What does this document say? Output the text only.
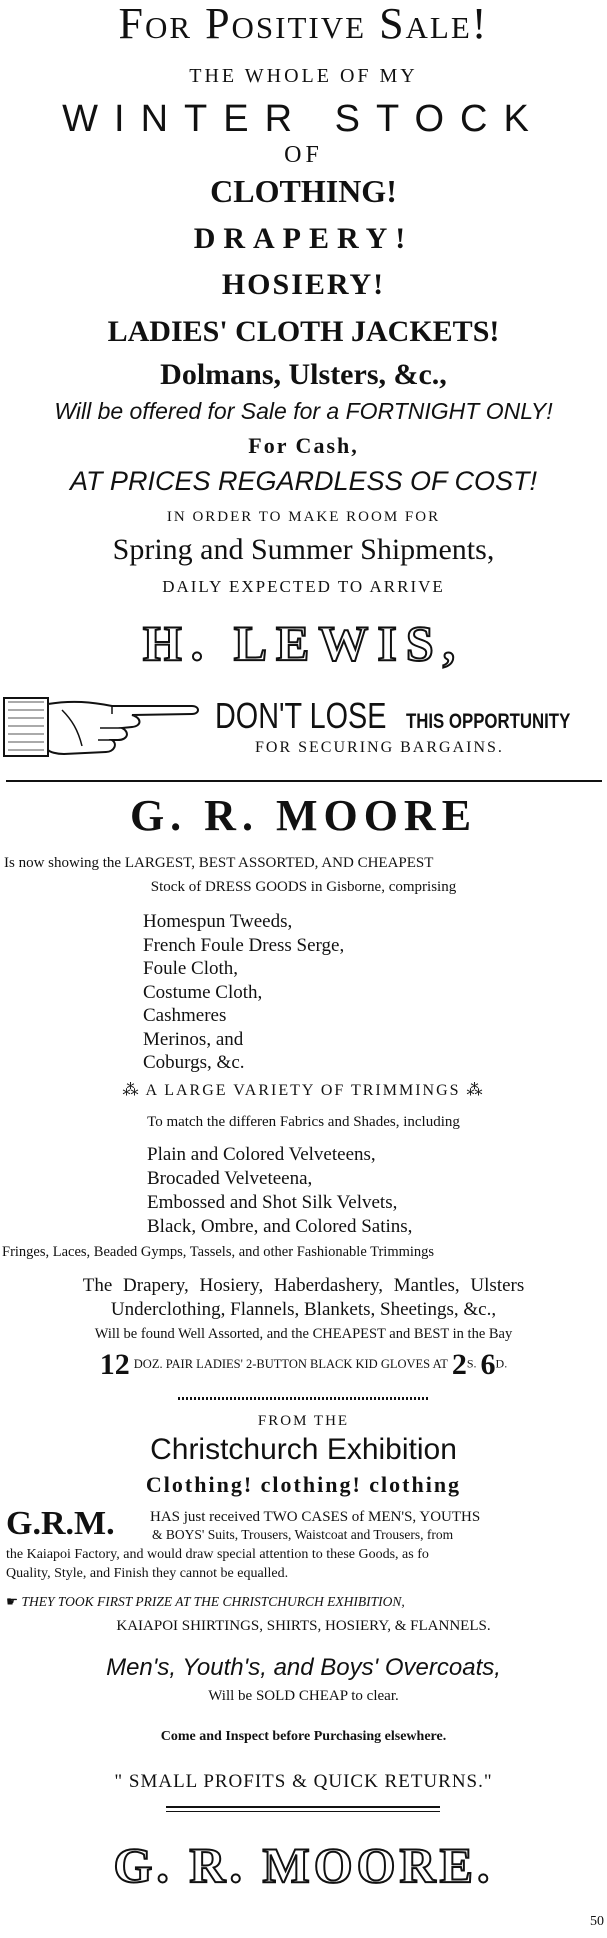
For Positive Sale!
THE WHOLE OF MY
WINTER STOCK
OF
CLOTHING!
DRAPERY!
HOSIERY!
LADIES' CLOTH JACKETS!
Dolmans, Ulsters, &c.,
Will be offered for Sale for a FORTNIGHT ONLY!
For Cash,
AT PRICES REGARDLESS OF COST!
IN ORDER TO MAKE ROOM FOR
Spring and Summer Shipments,
DAILY EXPECTED TO ARRIVE
H. LEWIS,
DON'T LOSE THIS OPPORTUNITY
FOR SECURING BARGAINS.
G. R. MOORE
Is now showing the LARGEST, BEST ASSORTED, AND CHEAPEST
Stock of DRESS GOODS in Gisborne, comprising
Homespun Tweeds,
French Foule Dress Serge,
Foule Cloth,
Costume Cloth,
Cashmeres
Merinos, and
Coburgs, &c.
⁂ A LARGE VARIETY OF TRIMMINGS ⁂
To match the differen Fabrics and Shades, including
Plain and Colored Velveteens,
Brocaded Velveteena,
Embossed and Shot Silk Velvets,
Black, Ombre, and Colored Satins,
Fringes, Laces, Beaded Gymps, Tassels, and other Fashionable Trimmings
The Drapery, Hosiery, Haberdashery, Mantles, Ulsters
Underclothing, Flannels, Blankets, Sheetings, &c.,
Will be found Well Assorted, and the CHEAPEST and BEST in the Bay
12 $^{DOZ. PAIR LADIES' 2-BUTTON BLACK KID GLOVES AT}$ $2^{S.}$ $6^{D.}$
FROM THE
Christchurch Exhibition
Clothing! clothing! clothing
G.R.M.	HAS just received TWO CASES of MEN'S, YOUTHS
& BOYS' Suits, Trousers, Waistcoat and Trousers, from
the Kaiapoi Factory, and would draw special attention to these Goods, as fo
Quality, Style, and Finish they cannot be equalled.
☛ THEY TOOK FIRST PRIZE AT THE CHRISTCHURCH EXHIBITION,
KAIAPOI SHIRTINGS, SHIRTS, HOSIERY, & FLANNELS.
Men's, Youth's, and Boys' Overcoats,
Will be SOLD CHEAP to clear.
Come and Inspect before Purchasing elsewhere.
" SMALL PROFITS & QUICK RETURNS."
G. R. MOORE.
50
